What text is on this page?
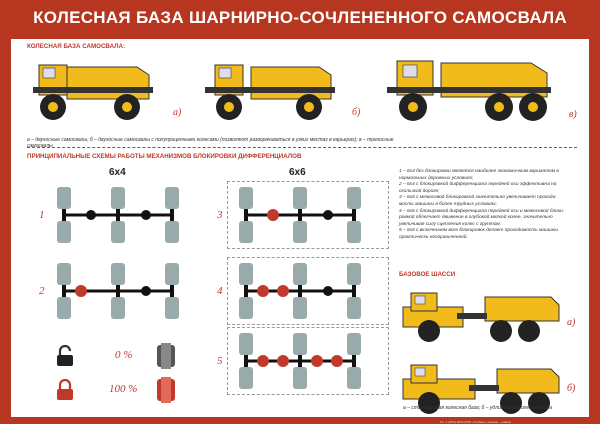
КОЛЕСНАЯ БАЗА ШАРНИРНО-СОЧЛЕНЕННОГО САМОСВАЛА
КОЛЕСНАЯ БАЗА САМОСВАЛА:
а)	б)	в)
а – двухосные самосвалы; б – двухосные самосвалы с полуприцепными колесами (позволяют разворачиваться в узких местах в карьерах); в – трехосные самосвалы
ПРИНЦИПИАЛЬНЫЕ СХЕМЫ РАБОТЫ МЕХАНИЗМОВ БЛОКИРОВКИ ДИФФЕРЕНЦИАЛОВ
6х4	6х6
1
2
3
4
5
0 %
100 %
1 – 6х4 без блокировки является наиболее экономичным вариантом в
нормальных дорожных условиях;
2 – 6х4 с блокировкой дифференциала передней оси эффективна на
скользкой дороге;
3 – 6х6 с межосевой блокировкой значительно увеличивает проходи-
мость машины в более трудных условиях;
4 – 6х6 с блокировкой дифференциала передней оси и межосевой блоки-
ровкой облегчает движение в глубокой мягкой колее, значительно
увеличивая силу сцепления колес с грунтом;
5 – 6х6 с включением всех блокировок делает проходимость машины
практически неограниченной.
БАЗОВОЕ ШАССИ
а)
б)
а – стандартная колесная база; б – удлиненная колесная база
Пл. 1 (30/1) 2016 ООО «Учебная техника» · plakaty
